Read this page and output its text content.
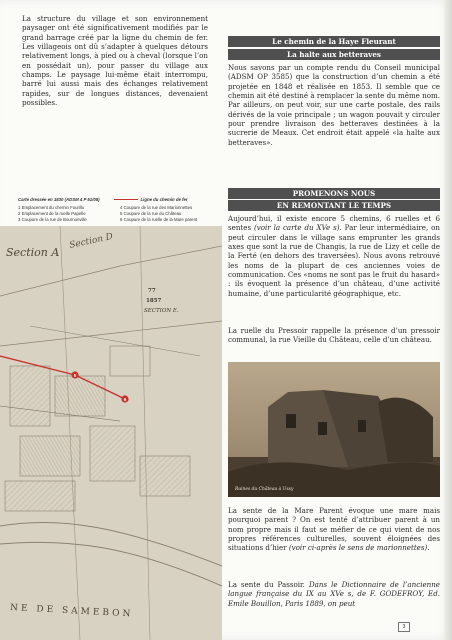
La structure du village et son environnement paysager ont été significativement modifiés par le grand barrage créé par la ligne du chemin de fer. Les villageois ont dû s’adapter à quelques détours relativement longs, à pied ou à cheval (lorsque l’on en possédait un), pour passer du village aux champs. Le paysage lui-même était interrompu, barré lui aussi mais des échanges relativement rapides, sur de longues distances, devenaient possibles.

Carte dressée en 1830 (ADSM 4 P 51/08)	Ligne du chemin de fer
1 Emplacement du chemin Fourillo
2 Emplacement de la ruelle Papelle
3 Coupure de la rue de Bournonville
4 Coupure de la rue des Marionnettes
5 Coupure de la rue du Château
6 Coupure de la ruelle de la Mare parent
5
6
Section A
Section D
77
1857
SECTION E.
NE DE SAMEBON
Le chemin de la Haye Fleurant
La halte aux betteraves

Nous savons par un compte rendu du Conseil municipal (ADSM OP 3585) que la construction d’un chemin a été projetée en 1848 et réalisée en 1853. Il semble que ce chemin ait été destiné à remplacer la sente du même nom. Par ailleurs, on peut voir, sur une carte postale, des rails dérivés de la voie principale ; un wagon pouvait y circuler pour prendre livraison des betteraves destinées à la sucrerie de Meaux. Cet endroit était appelé «la halte aux betteraves».

PROMENONS NOUS
EN REMONTANT LE TEMPS

Aujourd’hui, il existe encore 5 chemins, 6 ruelles et 6 sentes (voir la carte du XVe s). Par leur intermédiaire, on peut circuler dans le village sans emprunter les grands axes que sont la rue de Changis, la rue de Lizy et celle de la Ferté (en dehors des traversées). Nous avons retrouvé les noms de la plupart de ces anciennes voies de communication. Ces «noms ne sont pas le fruit du hasard» : ils évoquent la présence d’un château, d’une activité humaine, d’une particularité géographique, etc.

La ruelle du Pressoir rappelle la présence d’un pressoir communal, la rue Vieille du Château, celle d’un château.

Ruines du Château à Ussy

La sente de la Mare Parent évoque une mare mais pourquoi parent ? On est tenté d’attribuer parent à un nom propre mais il faut se méfier de ce qui vient de nos propres références culturelles, souvent éloignées des situations d’hier (voir ci-après le sens de marionnettes).

La sente du Passoir. Dans le Dictionnaire de l’ancienne langue française du IX au XVe s, de F. GODEFROY, Ed. Emile Bouillon, Paris 1889, on peut

3
